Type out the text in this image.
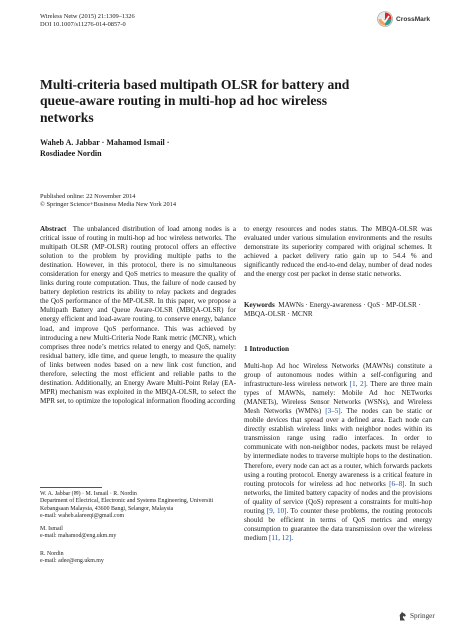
Wireless Netw (2015) 21:1309–1326
DOI 10.1007/s11276-014-0857-0
CrossMark
Multi-criteria based multipath OLSR for battery and queue-aware routing in multi-hop ad hoc wireless networks
Waheb A. Jabbar · Mahamod Ismail ·
Rosdiadee Nordin
Published online: 22 November 2014
© Springer Science+Business Media New York 2014

Abstract The unbalanced distribution of load among nodes is a critical issue of routing in multi-hop ad hoc wireless networks. The multipath OLSR (MP-OLSR) routing protocol offers an effective solution to the problem by providing multiple paths to the destination. However, in this protocol, there is no simultaneous consideration for energy and QoS metrics to measure the quality of links during route computation. Thus, the failure of node caused by battery depletion restricts its ability to relay packets and degrades the QoS performance of the MP-OLSR. In this paper, we propose a Multipath Battery and Queue Aware-OLSR (MBQA-OLSR) for energy efficient and load-aware routing, to conserve energy, balance load, and improve QoS performance. This was achieved by introducing a new Multi-Criteria Node Rank metric (MCNR), which comprises three node’s metrics related to energy and QoS, namely: residual battery, idle time, and queue length, to measure the quality of links between nodes based on a new link cost function, and therefore, selecting the most efficient and reliable paths to the destination. Additionally, an Energy Aware Multi-Point Relay (EA-MPR) mechanism was exploited in the MBQA-OLSR, to select the MPR set, to optimize the topological information flooding according

to energy resources and nodes status. The MBQA-OLSR was evaluated under various simulation environments and the results demonstrate its superiority compared with original schemes. It achieved a packet delivery ratio gain up to 54.4 % and significantly reduced the end-to-end delay, number of dead nodes and the energy cost per packet in dense static networks.

Keywords MAWNs · Energy-awareness · QoS · MP-OLSR · MBQA-OLSR · MCNR
1 Introduction

Multi-hop Ad hoc Wireless Networks (MAWNs) constitute a group of autonomous nodes within a self-configuring and infrastructure-less wireless network [1, 2]. There are three main types of MAWNs, namely: Mobile Ad hoc NETworks (MANETs), Wireless Sensor Networks (WSNs), and Wireless Mesh Networks (WMNs) [3–5]. The nodes can be static or mobile devices that spread over a defined area. Each node can directly establish wireless links with neighbor nodes within its transmission range using radio interfaces. In order to communicate with non-neighbor nodes, packets must be relayed by intermediate nodes to traverse multiple hops to the destination. Therefore, every node can act as a router, which forwards packets using a routing protocol. Energy awareness is a critical feature in routing protocols for wireless ad hoc networks [6–8]. In such networks, the limited battery capacity of nodes and the provisions of quality of service (QoS) represent a constraints for multi-hop routing [9, 10]. To counter these problems, the routing protocols should be efficient in terms of QoS metrics and energy consumption to guarantee the data transmission over the wireless medium [11, 12].

W. A. Jabbar (✉) · M. Ismail · R. Nordin
Department of Electrical, Electronic and Systems Engineering, Universiti Kebangsaan Malaysia, 43600 Bangi, Selangor, Malaysia
e-mail: waheb.alareeqi@gmail.com
M. Ismail
e-mail: mahamod@eng.ukm.my
R. Nordin
e-mail: adee@eng.ukm.my
Springer
